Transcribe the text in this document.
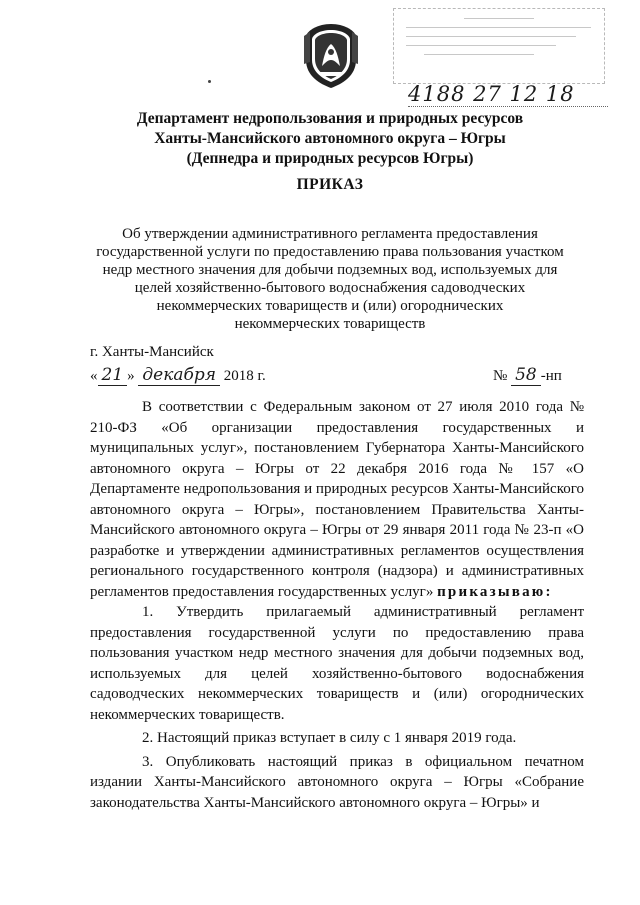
4188 27 12 18
Департамент недропользования и природных ресурсов
Ханты-Мансийского автономного округа – Югры
(Депнедра и природных ресурсов Югры)
ПРИКАЗ
Об утверждении административного регламента предоставления
государственной услуги по предоставлению права пользования участком
недр местного значения для добычи подземных вод, используемых для
целей хозяйственно-бытового водоснабжения садоводческих
некоммерческих товариществ и (или) огороднических
некоммерческих товариществ
г. Ханты-Мансийск
« 21 » декабря 2018 г.	№ 58 -нп

В соответствии с Федеральным законом от 27 июля 2010 года № 210-ФЗ «Об организации предоставления государственных и муниципальных услуг», постановлением Губернатора Ханты-Мансийского автономного округа – Югры от 22 декабря 2016 года № 157 «О Департаменте недропользования и природных ресурсов Ханты-Мансийского автономного округа – Югры», постановлением Правительства Ханты-Мансийского автономного округа – Югры от 29 января 2011 года № 23-п «О разработке и утверждении административных регламентов осуществления регионального государственного контроля (надзора) и административных регламентов предоставления государственных услуг» приказываю:

1. Утвердить прилагаемый административный регламент предоставления государственной услуги по предоставлению права пользования участком недр местного значения для добычи подземных вод, используемых для целей хозяйственно-бытового водоснабжения садоводческих некоммерческих товариществ и (или) огороднических некоммерческих товариществ.

2. Настоящий приказ вступает в силу с 1 января 2019 года.

3. Опубликовать настоящий приказ в официальном печатном издании Ханты-Мансийского автономного округа – Югры «Собрание законодательства Ханты-Мансийского автономного округа – Югры» и
